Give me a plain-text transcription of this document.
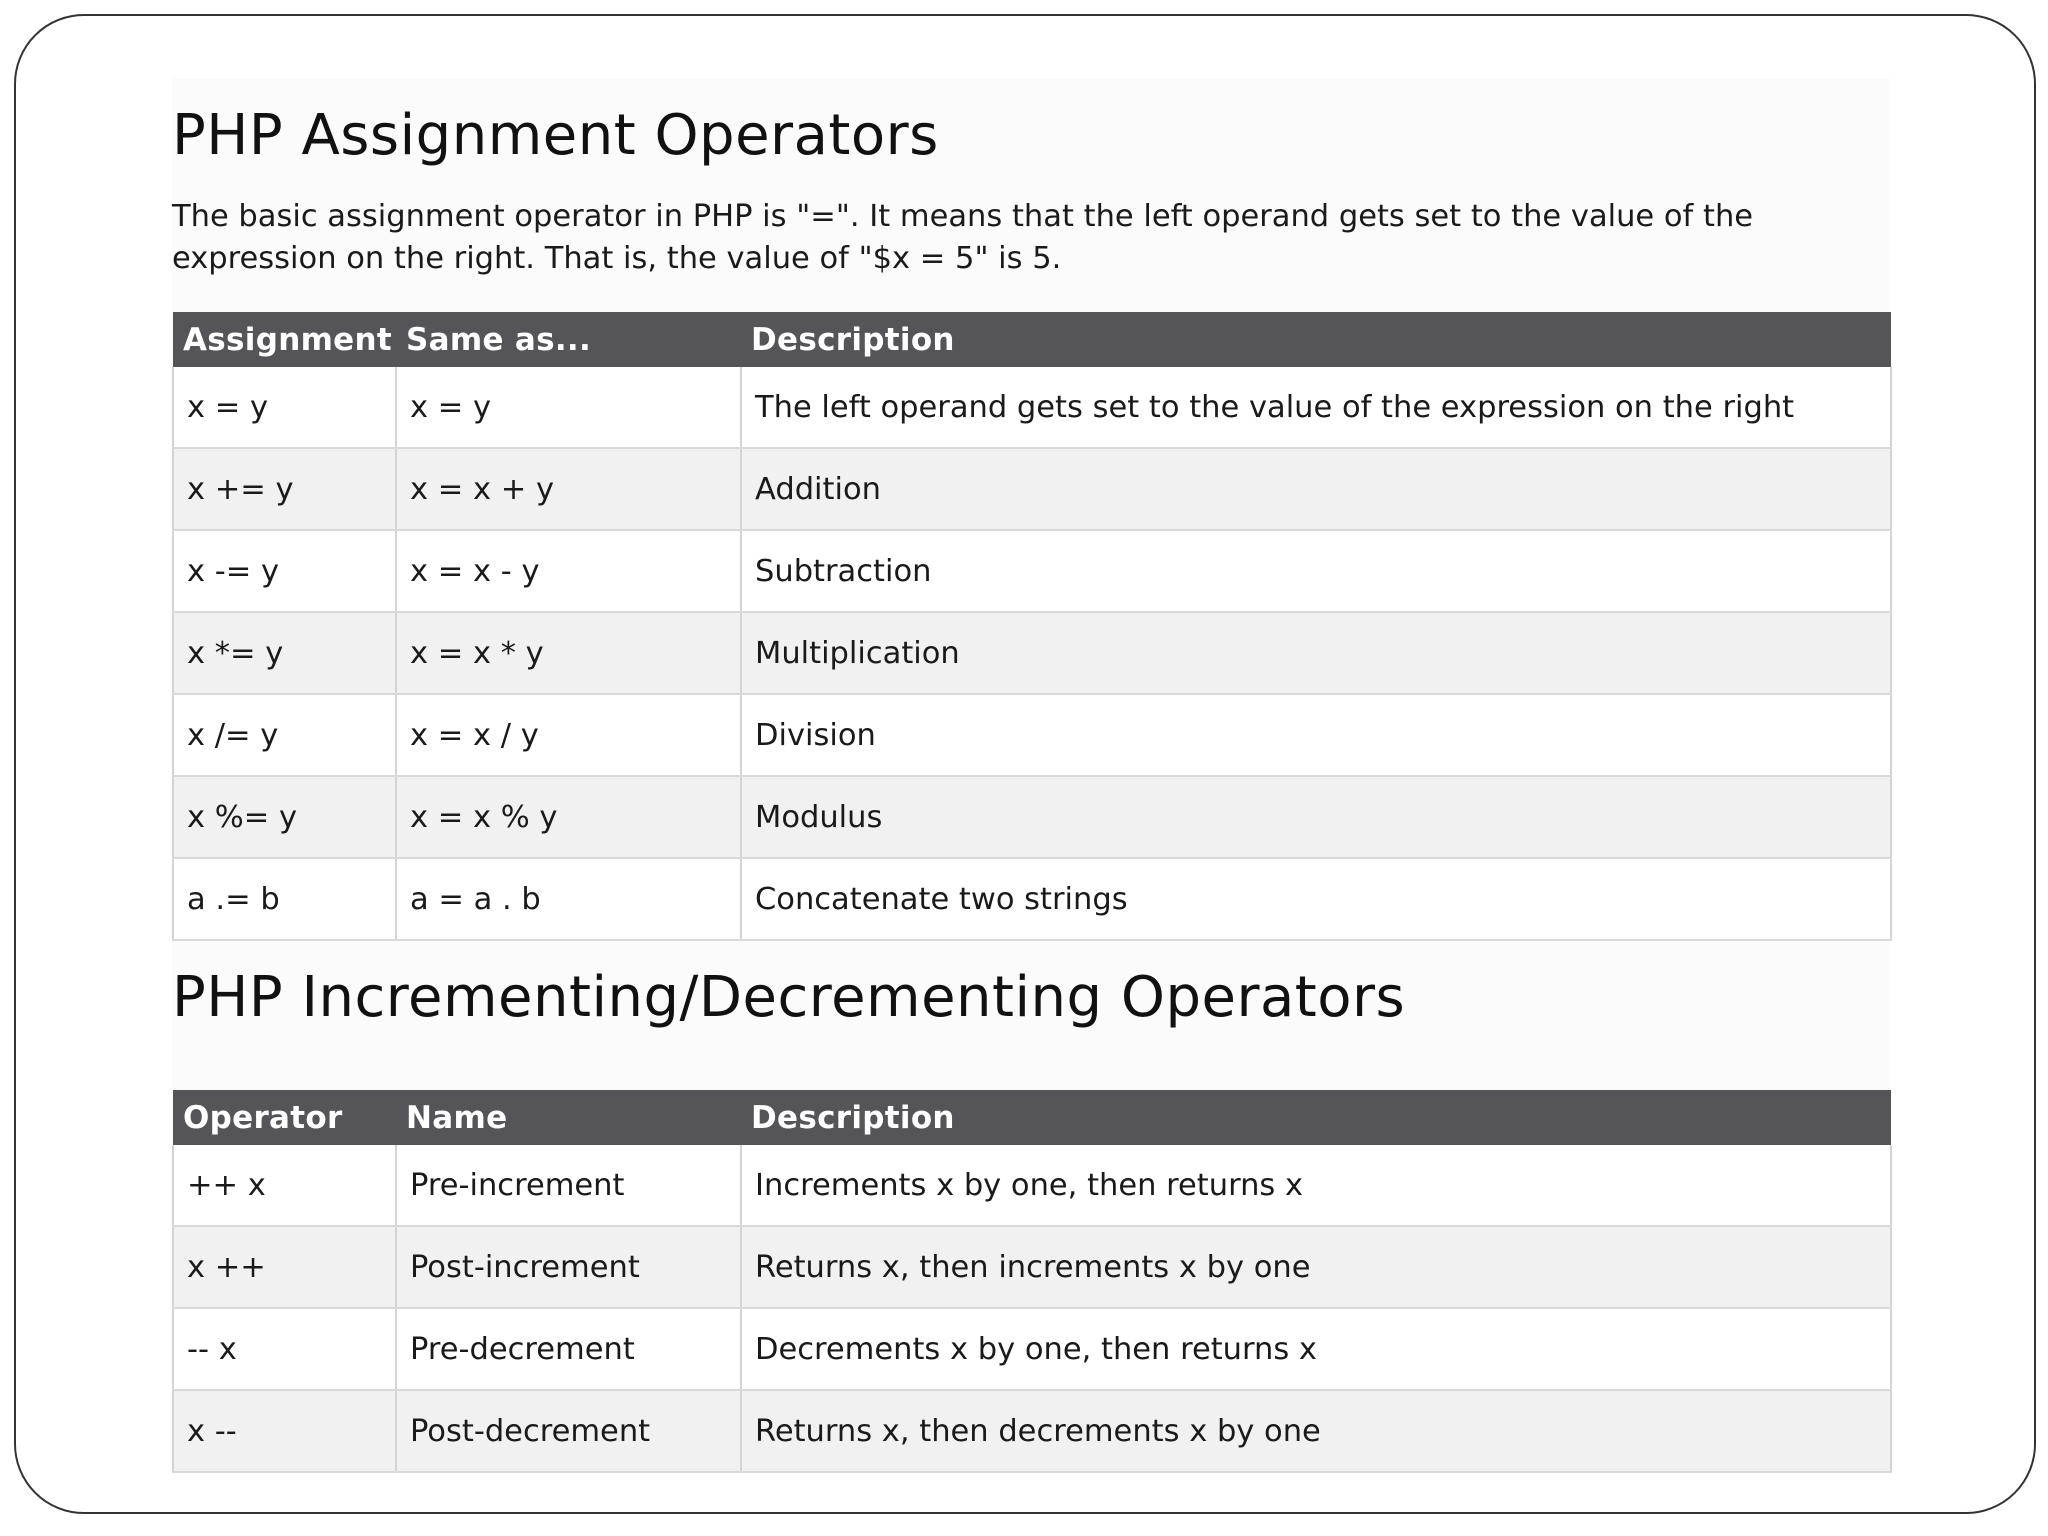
PHP Assignment Operators

The basic assignment operator in PHP is "=". It means that the left operand gets set to the value of the
expression on the right. That is, the value of "$x = 5" is 5.

Assignment	Same as...	Description
x = y	x = y	The left operand gets set to the value of the expression on the right
x += y	x = x + y	Addition
x -= y	x = x - y	Subtraction
x *= y	x = x * y	Multiplication
x /= y	x = x / y	Division
x %= y	x = x % y	Modulus
a .= b	a = a . b	Concatenate two strings
PHP Incrementing/Decrementing Operators
Operator	Name	Description
++ x	Pre-increment	Increments x by one, then returns x
x ++	Post-increment	Returns x, then increments x by one
-- x	Pre-decrement	Decrements x by one, then returns x
x --	Post-decrement	Returns x, then decrements x by one
